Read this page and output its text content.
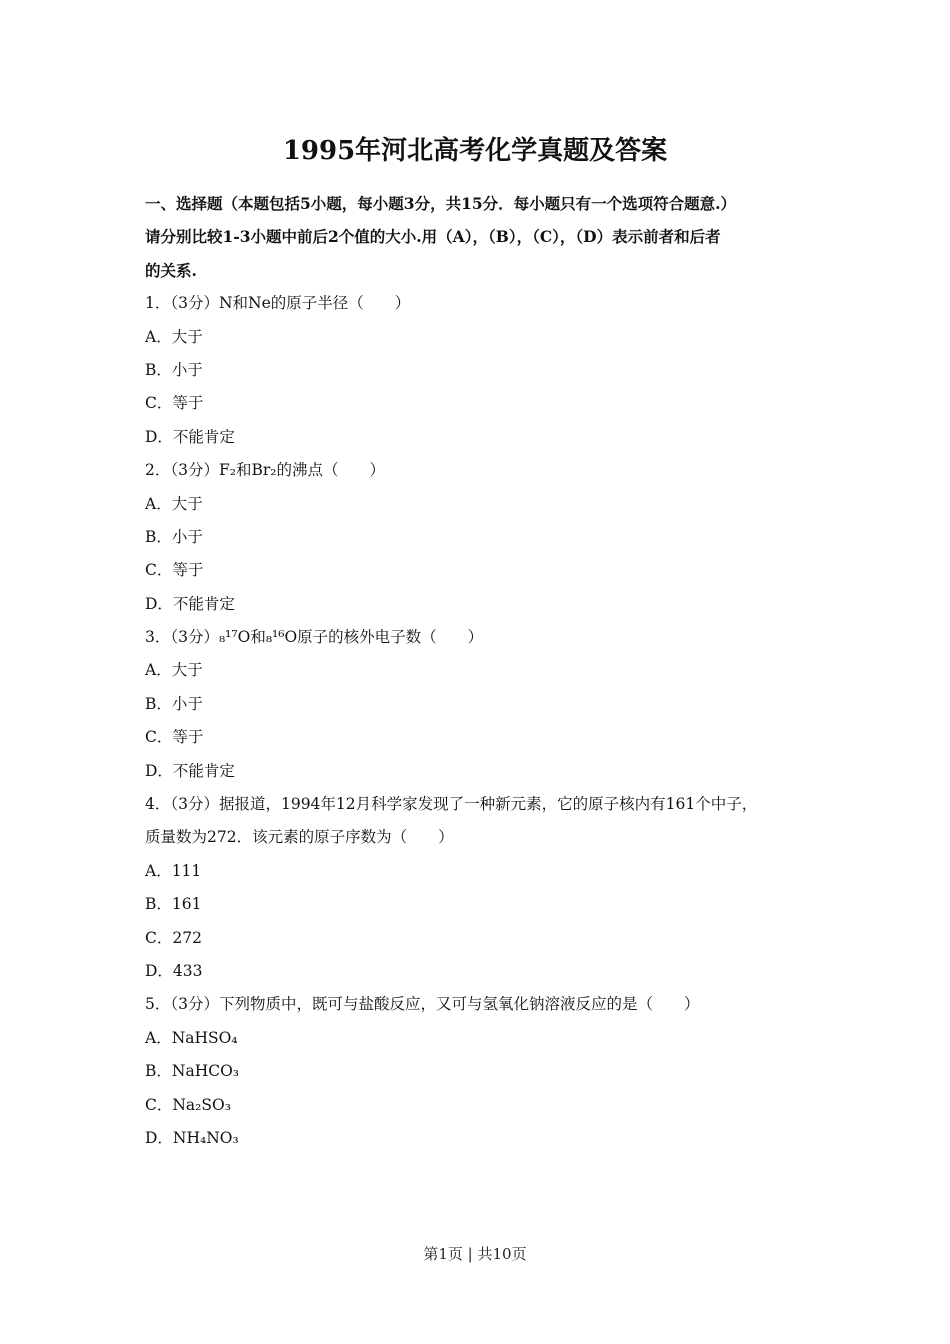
1995年河北高考化学真题及答案
一、选择题（本题包括5小题，每小题3分，共15分．每小题只有一个选项符合题意.）
请分别比较1-3小题中前后2个值的大小.用（A），（B），（C），（D）表示前者和后者
的关系.
1．（3分）N和Ne的原子半径（　　）
A．大于
B．小于
C．等于
D．不能肯定
2．（3分）F₂和Br₂的沸点（　　）
A．大于
B．小于
C．等于
D．不能肯定
3．（3分）₈¹⁷O和₈¹⁶O原子的核外电子数（　　）
A．大于
B．小于
C．等于
D．不能肯定
4．（3分）据报道，1994年12月科学家发现了一种新元素，它的原子核内有161个中子，
质量数为272．该元素的原子序数为（　　）
A．111
B．161
C．272
D．433
5．（3分）下列物质中，既可与盐酸反应，又可与氢氧化钠溶液反应的是（　　）
A．NaHSO₄
B．NaHCO₃
C．Na₂SO₃
D．NH₄NO₃
第1页 | 共10页
